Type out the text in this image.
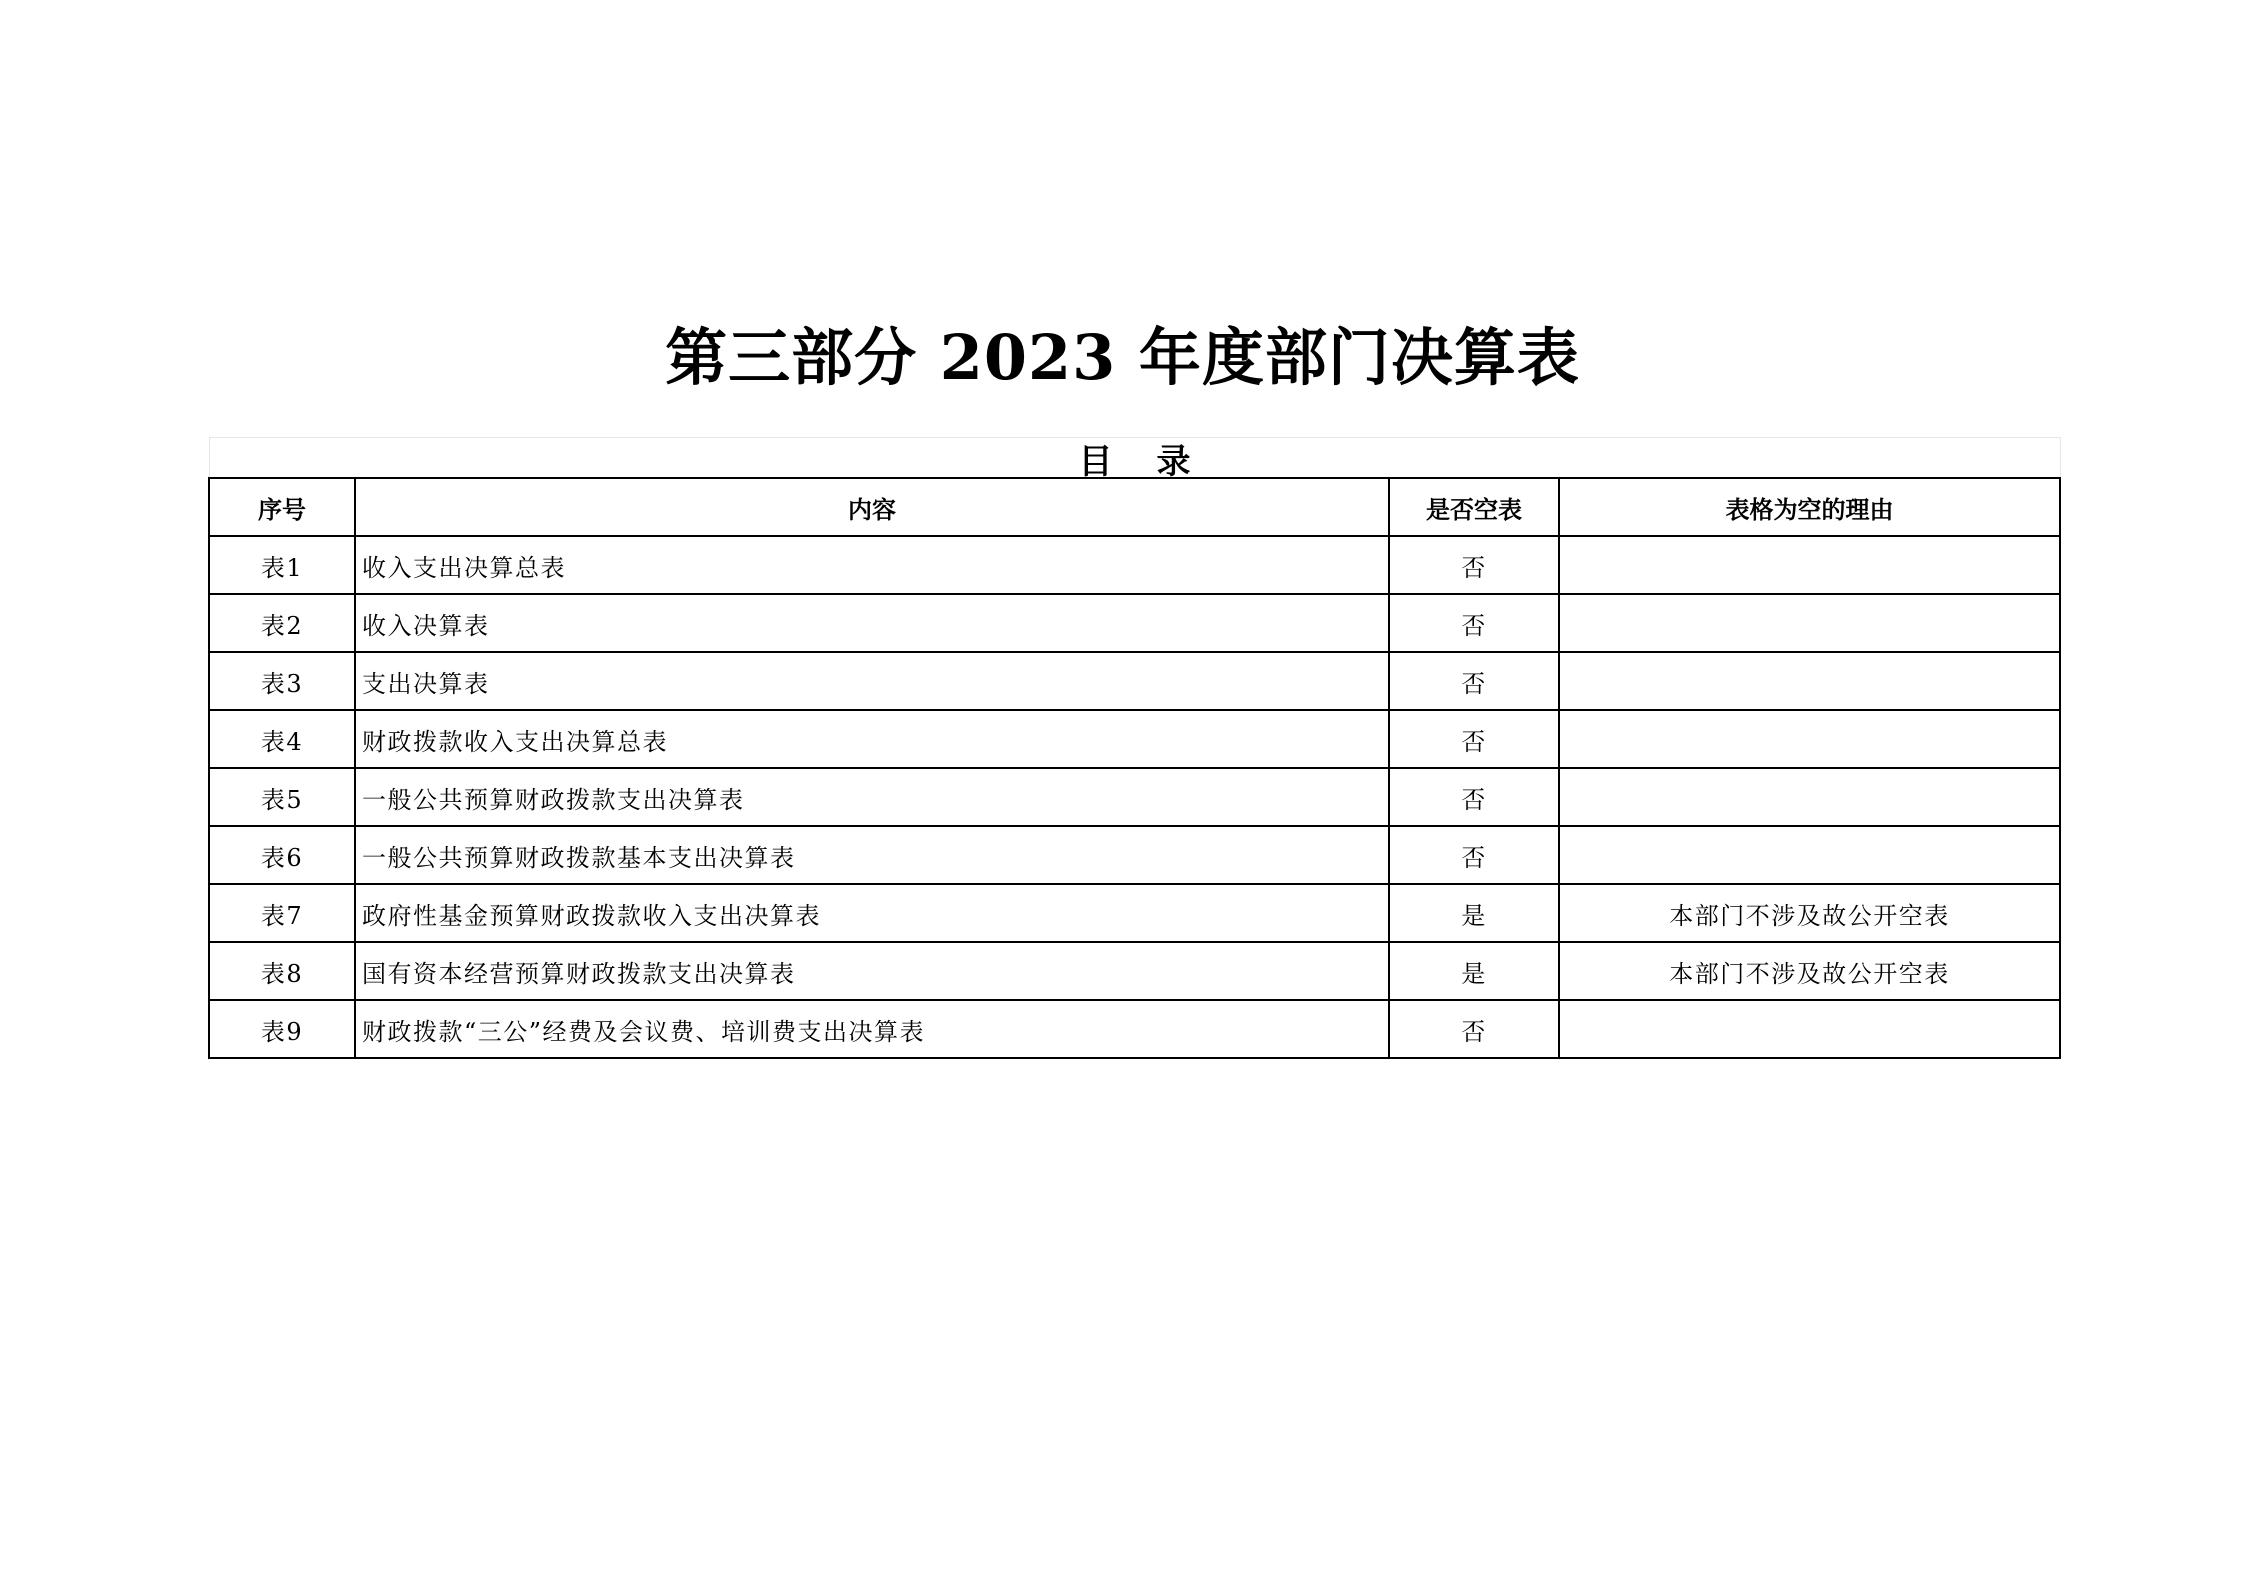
第三部分 2023 年度部门决算表
目录			
序号	内容	是否空表	表格为空的理由
表1	收入支出决算总表	否	
表2	收入决算表	否	
表3	支出决算表	否	
表4	财政拨款收入支出决算总表	否	
表5	一般公共预算财政拨款支出决算表	否	
表6	一般公共预算财政拨款基本支出决算表	否	
表7	政府性基金预算财政拨款收入支出决算表	是	本部门不涉及故公开空表
表8	国有资本经营预算财政拨款支出决算表	是	本部门不涉及故公开空表
表9	财政拨款“三公”经费及会议费、培训费支出决算表	否	
